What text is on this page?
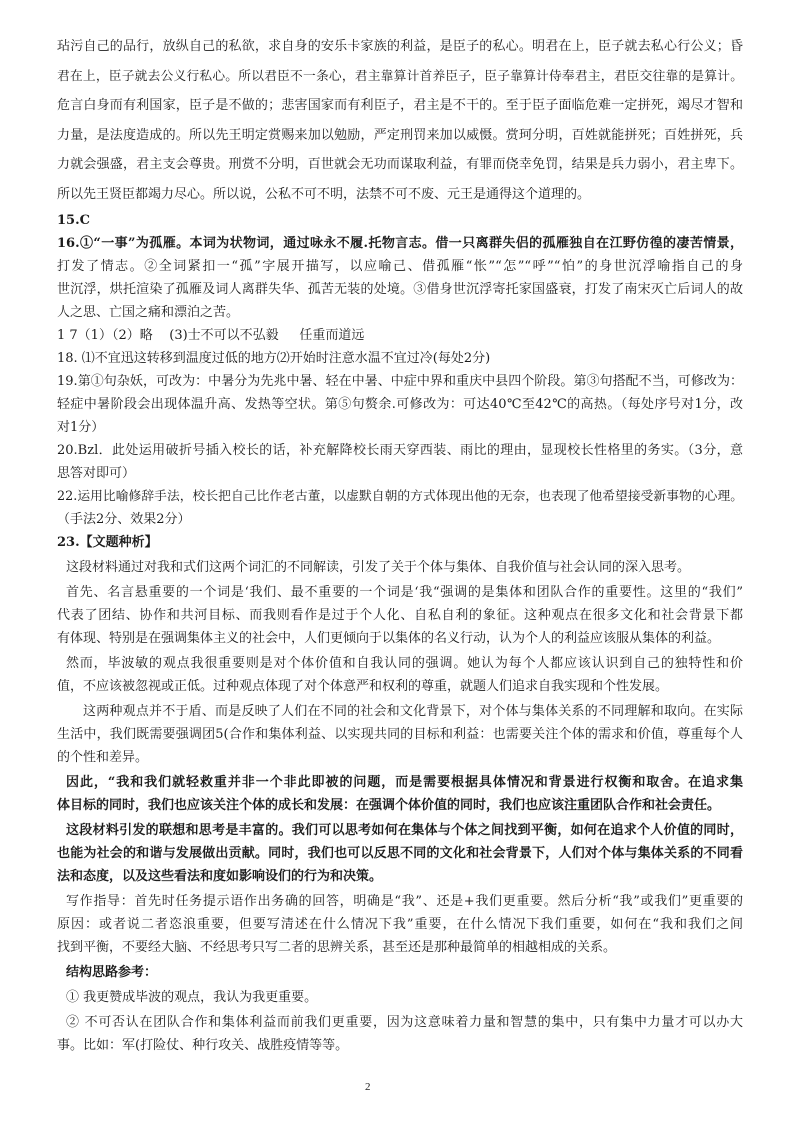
玷污自己的品行，放纵自己的私欲，求自身的安乐卡家族的利益，是臣子的私心。明君在上，臣子就去私心行公义；昏
君在上，臣子就去公义行私心。所以君臣不一条心，君主靠算计首养臣子，臣子靠算计侍奉君主，君臣交往靠的是算计。
危言白身而有利国家，臣子是不做的；悲害国家而有利臣子，君主是不干的。至于臣子面临危难一定拼死，竭尽才智和
力量，是法度造成的。所以先王明定赏赐来加以勉励，严定刑罚来加以威慑。赏珂分明，百姓就能拼死；百姓拼死，兵
力就会强盛，君主支会尊贵。刑赏不分明，百世就会无功而谋取利益，有罪而侥幸免罚，结果是兵力弱小，君主卑下。
所以先王贤臣都竭力尽心。所以说，公私不可不明，法禁不可不废、元王是通得这个道理的。
15.C
16.①“一事”为孤雁。本词为状物词，通过咏永不履.托物言志。借一只离群失侣的孤雁独自在江野仿徨的凄苦情景，
打发了情志。②全词紧扣一“孤”字展开描写，以应喻己、借孤雁“怅”“怎”“呼”“怕”的身世沉浮喻指自己的身
世沉浮，烘托渲染了孤雁及词人离群失华、孤苦无装的处境。③借身世沉浮寄托家国盛衰，打发了南宋灭亡后词人的故
人之思、亡国之痛和漂泊之苦。
1 7（1）（2）略    (3)士不可以不弘毅     任重而道远
18. ⑴不宜迅这转移到温度过低的地方⑵开始时注意水温不宜过冷(每处2分)
19.第①句杂妖，可改为：中暑分为先兆中暑、轻在中暑、中症中界和重庆中县四个阶段。第③句搭配不当，可修改为：
轻症中暑阶段会出现体温升高、发热等空状。第⑤句赘余.可修改为：可达40℃至42℃的高热。（每处序号对1分，改
对1分）
20.Bzl．此处运用破折号插入校长的话，补充解降校长雨天穿西装、雨比的理由，显现校长性格里的务实。（3分，意
思答对即可）
22.运用比喻修辞手法，校长把自己比作老古董，以虚默自朝的方式体现出他的无奈，也表现了他希望接受新事物的心理。
（手法2分、效果2分）
23.【文题种析】
这段材料通过对我和式们这两个词汇的不同解读，引发了关于个体与集体、自我价值与社会认同的深入思考。
首先、名言悬重要的一个词是‘我们、最不重要的一个词是‘我“强调的是集体和团队合作的重要性。这里的“我们”
代表了团结、协作和共河目标、而我则看作是过于个人化、自私自利的象征。这种观点在很多文化和社会背景下都
有体现、特别是在强调集体主义的社会中，人们更倾向于以集体的名义行动，认为个人的利益应该服从集体的利益。
然而，毕波敏的观点我很重要则是对个体价值和自我认同的强调。她认为每个人都应该认识到自己的独特性和价
值，不应该被忽视或正低。过种观点体现了对个体意严和权利的尊重，就题人们追求自我实现和个性发展。
这两种观点并不于盾、而是反映了人们在不同的社会和文化背景下，对个体与集体关系的不同理解和取向。在实际
生活中，我们既需要强调团5(合作和集体利益、以实现共同的目标和利益：也需要关注个体的需求和价值，尊重每个人
的个性和差异。
因此，“我和我们就轻救重并非一个非此即被的问题，而是需要根据具体情况和背景进行权衡和取舍。在追求集
体目标的同时，我们也应该关注个体的成长和发展：在强调个体价值的同时，我们也应该注重团队合作和社会责任。
这段材料引发的联想和思考是丰富的。我们可以思考如何在集体与个体之间找到平衡，如何在追求个人价值的同时，
也能为社会的和谐与发展做出贡献。同时，我们也可以反思不同的文化和社会背景下，人们对个体与集体关系的不同看
法和态度，以及这些看法和度如影响设们的行为和决策。
写作指导：首先时任务提示语作出务确的回答，明确是“我”、还是+我们更重要。然后分析“我”或我们”更重要的
原因：或者说二者恣浪重要，但要写清述在什么情况下我”重要，在什么情况下我们重要，如何在“我和我们之间
找到平衡，不要经大脑、不经思考只写二者的思辨关系，甚至还是那种最简单的相越相成的关系。
结构思路参考：
① 我更赞成毕波的观点，我认为我更重要。
② 不可否认在团队合作和集体利益而前我们更重要，因为这意味着力量和智慧的集中，只有集中力量才可以办大
事。比如：军(打险仗、种行攻关、战胜疫情等等。
2
